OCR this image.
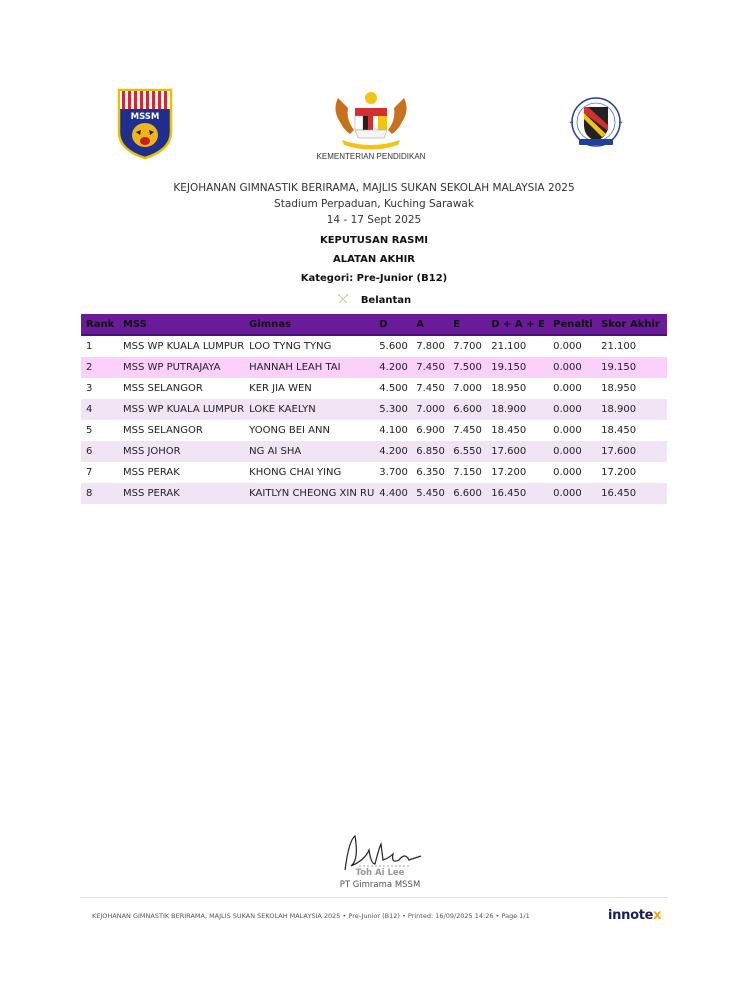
MSSM
KEMENTERIAN PENDIDIKAN
KEJOHANAN GIMNASTIK BERIRAMA, MAJLIS SUKAN SEKOLAH MALAYSIA 2025
Stadium Perpaduan, Kuching Sarawak
14 - 17 Sept 2025
KEPUTUSAN RASMI
ALATAN AKHIR
Kategori: Pre-Junior (B12)
Belantan
Rank	MSS	Gimnas	D	A	E	D + A + E	Penalti	Skor Akhir
1	MSS WP KUALA LUMPUR	LOO TYNG TYNG	5.600	7.800	7.700	21.100	0.000	21.100
2	MSS WP PUTRAJAYA	HANNAH LEAH TAI	4.200	7.450	7.500	19.150	0.000	19.150
3	MSS SELANGOR	KER JIA WEN	4.500	7.450	7.000	18.950	0.000	18.950
4	MSS WP KUALA LUMPUR	LOKE KAELYN	5.300	7.000	6.600	18.900	0.000	18.900
5	MSS SELANGOR	YOONG BEI ANN	4.100	6.900	7.450	18.450	0.000	18.450
6	MSS JOHOR	NG AI SHA	4.200	6.850	6.550	17.600	0.000	17.600
7	MSS PERAK	KHONG CHAI YING	3.700	6.350	7.150	17.200	0.000	17.200
8	MSS PERAK	KAITLYN CHEONG XIN RU	4.400	5.450	6.600	16.450	0.000	16.450
Toh Ai Lee
PT Gimrama MSSM
KEJOHANAN GIMNASTIK BERIRAMA, MAJLIS SUKAN SEKOLAH MALAYSIA 2025 • Pre-Junior (B12) • Printed: 16/09/2025 14:26 • Page 1/1	innotex
